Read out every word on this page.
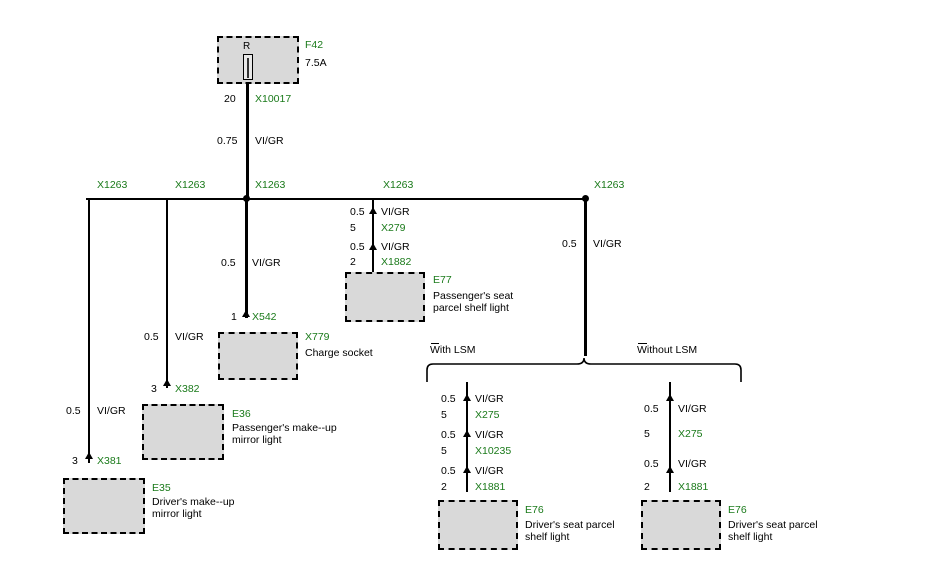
R	F42
7.5A
20 X10017
0.75 VI/GR
X1263	X1263	X1263	X1263	X1263
0.5 VI/GR
3 X381
E35
Driver's make--up
mirror light
0.5 VI/GR
3 X382
E36
Passenger's make--up
mirror light
0.5 VI/GR
1 X542
X779
Charge socket
0.5 VI/GR
5 X279
0.5 VI/GR
2 X1882
E77
Passenger's seat
parcel shelf light
0.5 VI/GR
With LSM	Without LSM
0.5 VI/GR
5	X275
0.5 VI/GR
5	X10235
0.5 VI/GR
2	X1881
E76
Driver's seat parcel
shelf light
0.5 VI/GR
5	X275
0.5 VI/GR
2	X1881
E76
Driver's seat parcel
shelf light
